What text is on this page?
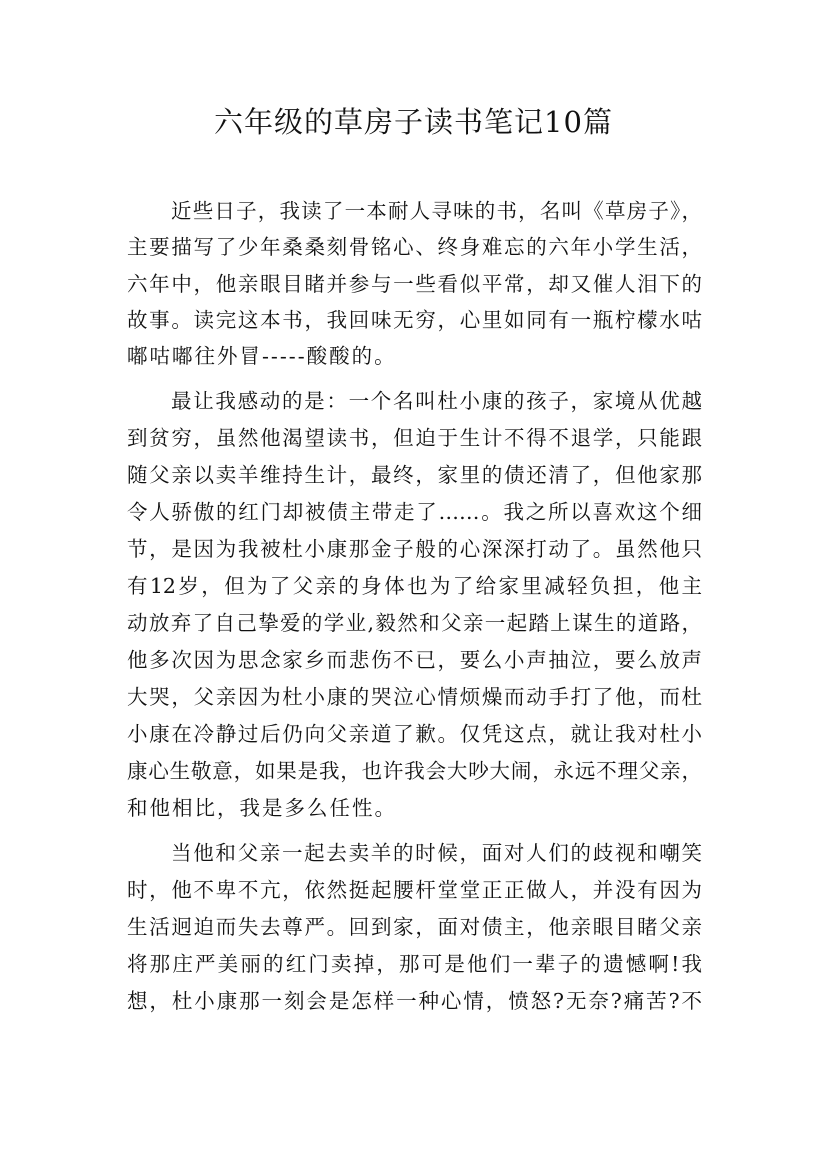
六年级的草房子读书笔记10篇

近些日子，我读了一本耐人寻味的书，名叫《草房子》，

主要描写了少年桑桑刻骨铭心、终身难忘的六年小学生活，

六年中，他亲眼目睹并参与一些看似平常，却又催人泪下的

故事。读完这本书，我回味无穷，心里如同有一瓶柠檬水咕

嘟咕嘟往外冒-----酸酸的。

最让我感动的是：一个名叫杜小康的孩子，家境从优越

到贫穷，虽然他渴望读书，但迫于生计不得不退学，只能跟

随父亲以卖羊维持生计，最终，家里的债还清了，但他家那

令人骄傲的红门却被债主带走了……。我之所以喜欢这个细

节，是因为我被杜小康那金子般的心深深打动了。虽然他只

有12岁，但为了父亲的身体也为了给家里减轻负担，他主

动放弃了自己挚爱的学业,毅然和父亲一起踏上谋生的道路，

他多次因为思念家乡而悲伤不已，要么小声抽泣，要么放声

大哭，父亲因为杜小康的哭泣心情烦燥而动手打了他，而杜

小康在冷静过后仍向父亲道了歉。仅凭这点，就让我对杜小

康心生敬意，如果是我，也许我会大吵大闹，永远不理父亲，

和他相比，我是多么任性。

当他和父亲一起去卖羊的时候，面对人们的歧视和嘲笑

时，他不卑不亢，依然挺起腰杆堂堂正正做人，并没有因为

生活迥迫而失去尊严。回到家，面对债主，他亲眼目睹父亲

将那庄严美丽的红门卖掉，那可是他们一辈子的遗憾啊!我

想，杜小康那一刻会是怎样一种心情，愤怒?无奈?痛苦?不
